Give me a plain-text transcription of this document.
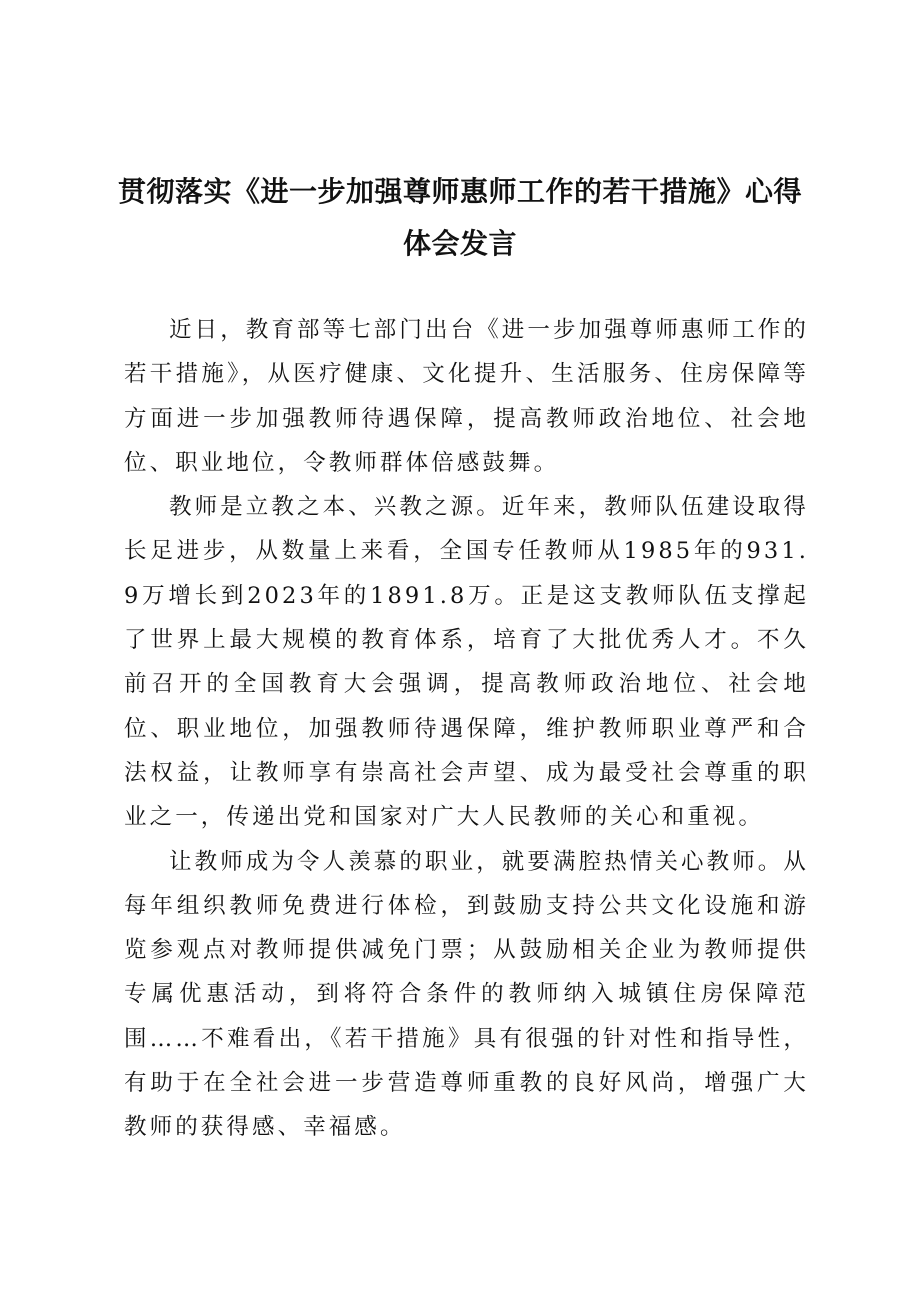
贯彻落实《进一步加强尊师惠师工作的若干措施》心得
体会发言

近日，教育部等七部门出台《进一步加强尊师惠师工作的若干措施》，从医疗健康、文化提升、生活服务、住房保障等方面进一步加强教师待遇保障，提高教师政治地位、社会地位、职业地位，令教师群体倍感鼓舞。

教师是立教之本、兴教之源。近年来，教师队伍建设取得长足进步，从数量上来看，全国专任教师从1985年的931.9万增长到2023年的1891.8万。正是这支教师队伍支撑起了世界上最大规模的教育体系，培育了大批优秀人才。不久前召开的全国教育大会强调，提高教师政治地位、社会地位、职业地位，加强教师待遇保障，维护教师职业尊严和合法权益，让教师享有崇高社会声望、成为最受社会尊重的职业之一，传递出党和国家对广大人民教师的关心和重视。

让教师成为令人羡慕的职业，就要满腔热情关心教师。从每年组织教师免费进行体检，到鼓励支持公共文化设施和游览参观点对教师提供减免门票；从鼓励相关企业为教师提供专属优惠活动，到将符合条件的教师纳入城镇住房保障范围……不难看出，《若干措施》具有很强的针对性和指导性，有助于在全社会进一步营造尊师重教的良好风尚，增强广大教师的获得感、幸福感。
